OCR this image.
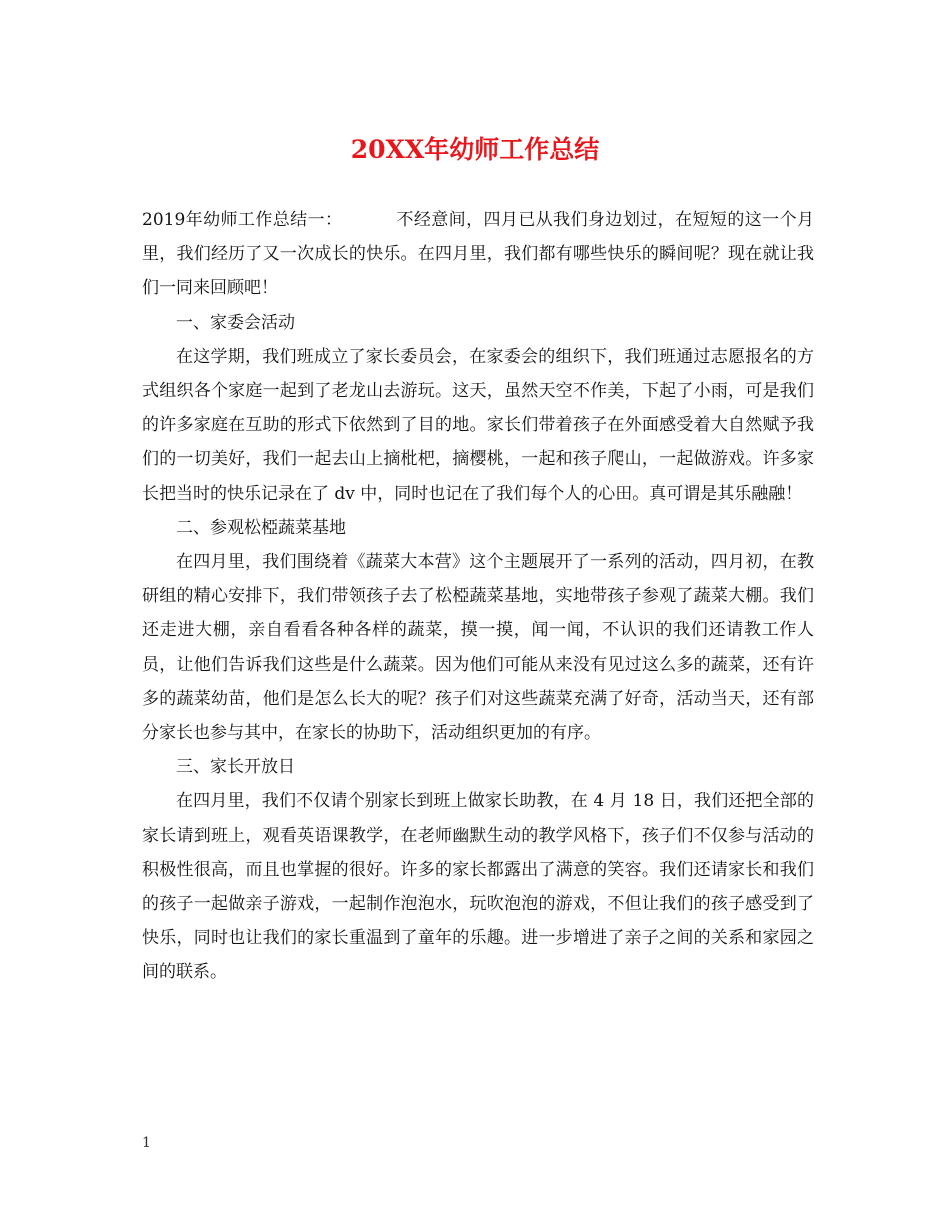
20XX年幼师工作总结

2019年幼师工作总结一：	不经意间，四月已从我们身边划过，在短短的这一个月里，我们经历了又一次成长的快乐。在四月里，我们都有哪些快乐的瞬间呢？现在就让我们一同来回顾吧！

一、家委会活动

在这学期，我们班成立了家长委员会，在家委会的组织下，我们班通过志愿报名的方式组织各个家庭一起到了老龙山去游玩。这天，虽然天空不作美，下起了小雨，可是我们的许多家庭在互助的形式下依然到了目的地。家长们带着孩子在外面感受着大自然赋予我们的一切美好，我们一起去山上摘枇杷，摘樱桃，一起和孩子爬山，一起做游戏。许多家长把当时的快乐记录在了 dv 中，同时也记在了我们每个人的心田。真可谓是其乐融融！

二、参观松椏蔬菜基地

在四月里，我们围绕着《蔬菜大本营》这个主题展开了一系列的活动，四月初，在教研组的精心安排下，我们带领孩子去了松椏蔬菜基地，实地带孩子参观了蔬菜大棚。我们还走进大棚，亲自看看各种各样的蔬菜，摸一摸，闻一闻，不认识的我们还请教工作人员，让他们告诉我们这些是什么蔬菜。因为他们可能从来没有见过这么多的蔬菜，还有许多的蔬菜幼苗，他们是怎么长大的呢？孩子们对这些蔬菜充满了好奇，活动当天，还有部分家长也参与其中，在家长的协助下，活动组织更加的有序。

三、家长开放日

在四月里，我们不仅请个别家长到班上做家长助教，在 4 月 18 日，我们还把全部的家长请到班上，观看英语课教学，在老师幽默生动的教学风格下，孩子们不仅参与活动的积极性很高，而且也掌握的很好。许多的家长都露出了满意的笑容。我们还请家长和我们的孩子一起做亲子游戏，一起制作泡泡水，玩吹泡泡的游戏，不但让我们的孩子感受到了快乐，同时也让我们的家长重温到了童年的乐趣。进一步增进了亲子之间的关系和家园之间的联系。

1
